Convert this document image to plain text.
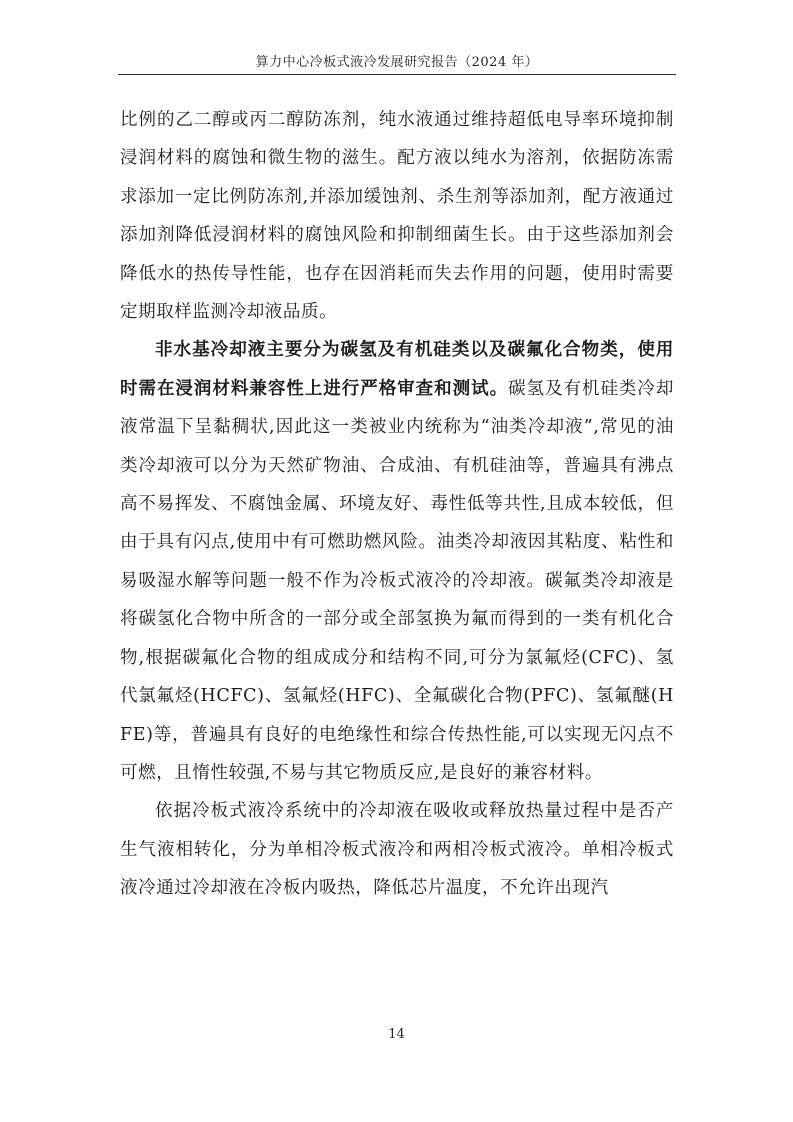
算力中心冷板式液冷发展研究报告（2024 年）

比例的乙二醇或丙二醇防冻剂，纯水液通过维持超低电导率环境抑制浸润材料的腐蚀和微生物的滋生。配方液以纯水为溶剂，依据防冻需求添加一定比例防冻剂,并添加缓蚀剂、杀生剂等添加剂，配方液通过添加剂降低浸润材料的腐蚀风险和抑制细菌生长。由于这些添加剂会降低水的热传导性能，也存在因消耗而失去作用的问题，使用时需要定期取样监测冷却液品质。

非水基冷却液主要分为碳氢及有机硅类以及碳氟化合物类，使用时需在浸润材料兼容性上进行严格审查和测试。碳氢及有机硅类冷却液常温下呈黏稠状,因此这一类被业内统称为“油类冷却液”,常见的油类冷却液可以分为天然矿物油、合成油、有机硅油等，普遍具有沸点高不易挥发、不腐蚀金属、环境友好、毒性低等共性,且成本较低，但由于具有闪点,使用中有可燃助燃风险。油类冷却液因其粘度、粘性和易吸湿水解等问题一般不作为冷板式液冷的冷却液。碳氟类冷却液是将碳氢化合物中所含的一部分或全部氢换为氟而得到的一类有机化合物,根据碳氟化合物的组成成分和结构不同,可分为氯氟烃(CFC)、氢代氯氟烃(HCFC)、氢氟烃(HFC)、全氟碳化合物(PFC)、氢氟醚(HFE)等，普遍具有良好的电绝缘性和综合传热性能,可以实现无闪点不可燃，且惰性较强,不易与其它物质反应,是良好的兼容材料。

依据冷板式液冷系统中的冷却液在吸收或释放热量过程中是否产生气液相转化，分为单相冷板式液冷和两相冷板式液冷。单相冷板式液冷通过冷却液在冷板内吸热，降低芯片温度，不允许出现汽

14
